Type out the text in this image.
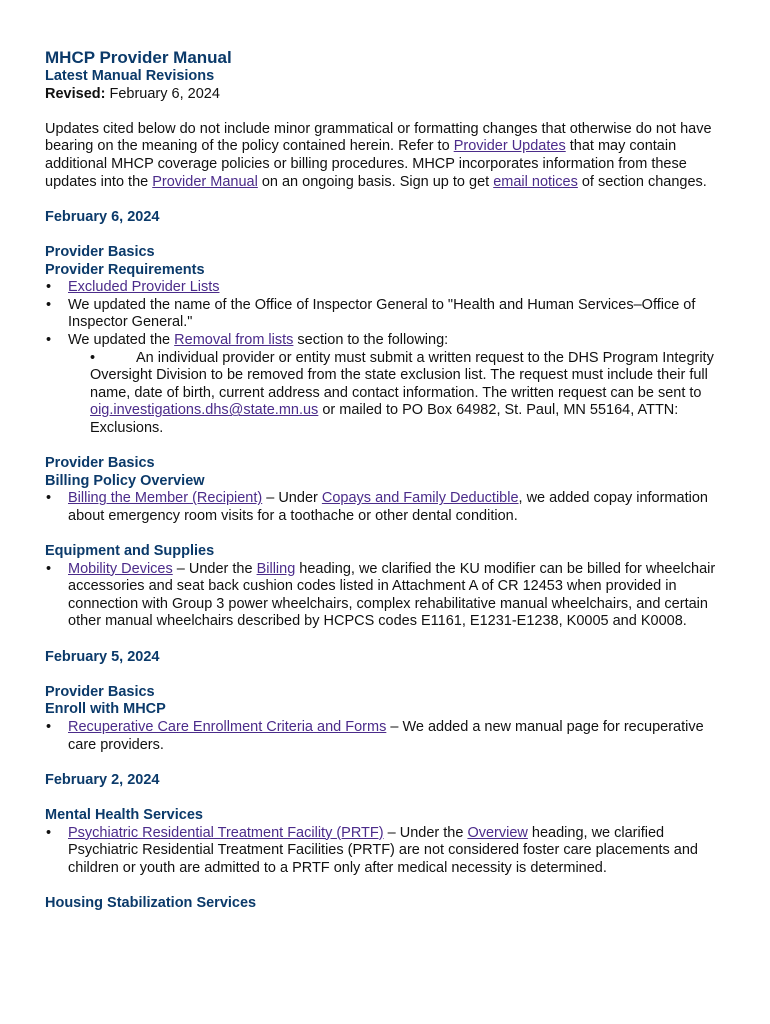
MHCP Provider Manual
Latest Manual Revisions

Revised: February 6, 2024

Updates cited below do not include minor grammatical or formatting changes that otherwise do not have bearing on the meaning of the policy contained herein. Refer to Provider Updates that may contain additional MHCP coverage policies or billing procedures. MHCP incorporates information from these updates into the Provider Manual on an ongoing basis. Sign up to get email notices of section changes.

February 6, 2024
Provider Basics
Provider Requirements
• Excluded Provider Lists
• We updated the name of the Office of Inspector General to "Health and Human Services–Office of Inspector General."
• We updated the Removal from lists section to the following:
• An individual provider or entity must submit a written request to the DHS Program Integrity Oversight Division to be removed from the state exclusion list. The request must include their full name, date of birth, current address and contact information. The written request can be sent to oig.investigations.dhs@state.mn.us or mailed to PO Box 64982, St. Paul, MN 55164, ATTN: Exclusions.
Provider Basics
Billing Policy Overview
• Billing the Member (Recipient) – Under Copays and Family Deductible, we added copay information about emergency room visits for a toothache or other dental condition.
Equipment and Supplies
• Mobility Devices – Under the Billing heading, we clarified the KU modifier can be billed for wheelchair accessories and seat back cushion codes listed in Attachment A of CR 12453 when provided in connection with Group 3 power wheelchairs, complex rehabilitative manual wheelchairs, and certain other manual wheelchairs described by HCPCS codes E1161, E1231-E1238, K0005 and K0008.
February 5, 2024
Provider Basics
Enroll with MHCP
• Recuperative Care Enrollment Criteria and Forms – We added a new manual page for recuperative care providers.
February 2, 2024
Mental Health Services
• Psychiatric Residential Treatment Facility (PRTF) – Under the Overview heading, we clarified Psychiatric Residential Treatment Facilities (PRTF) are not considered foster care placements and children or youth are admitted to a PRTF only after medical necessity is determined.
Housing Stabilization Services
